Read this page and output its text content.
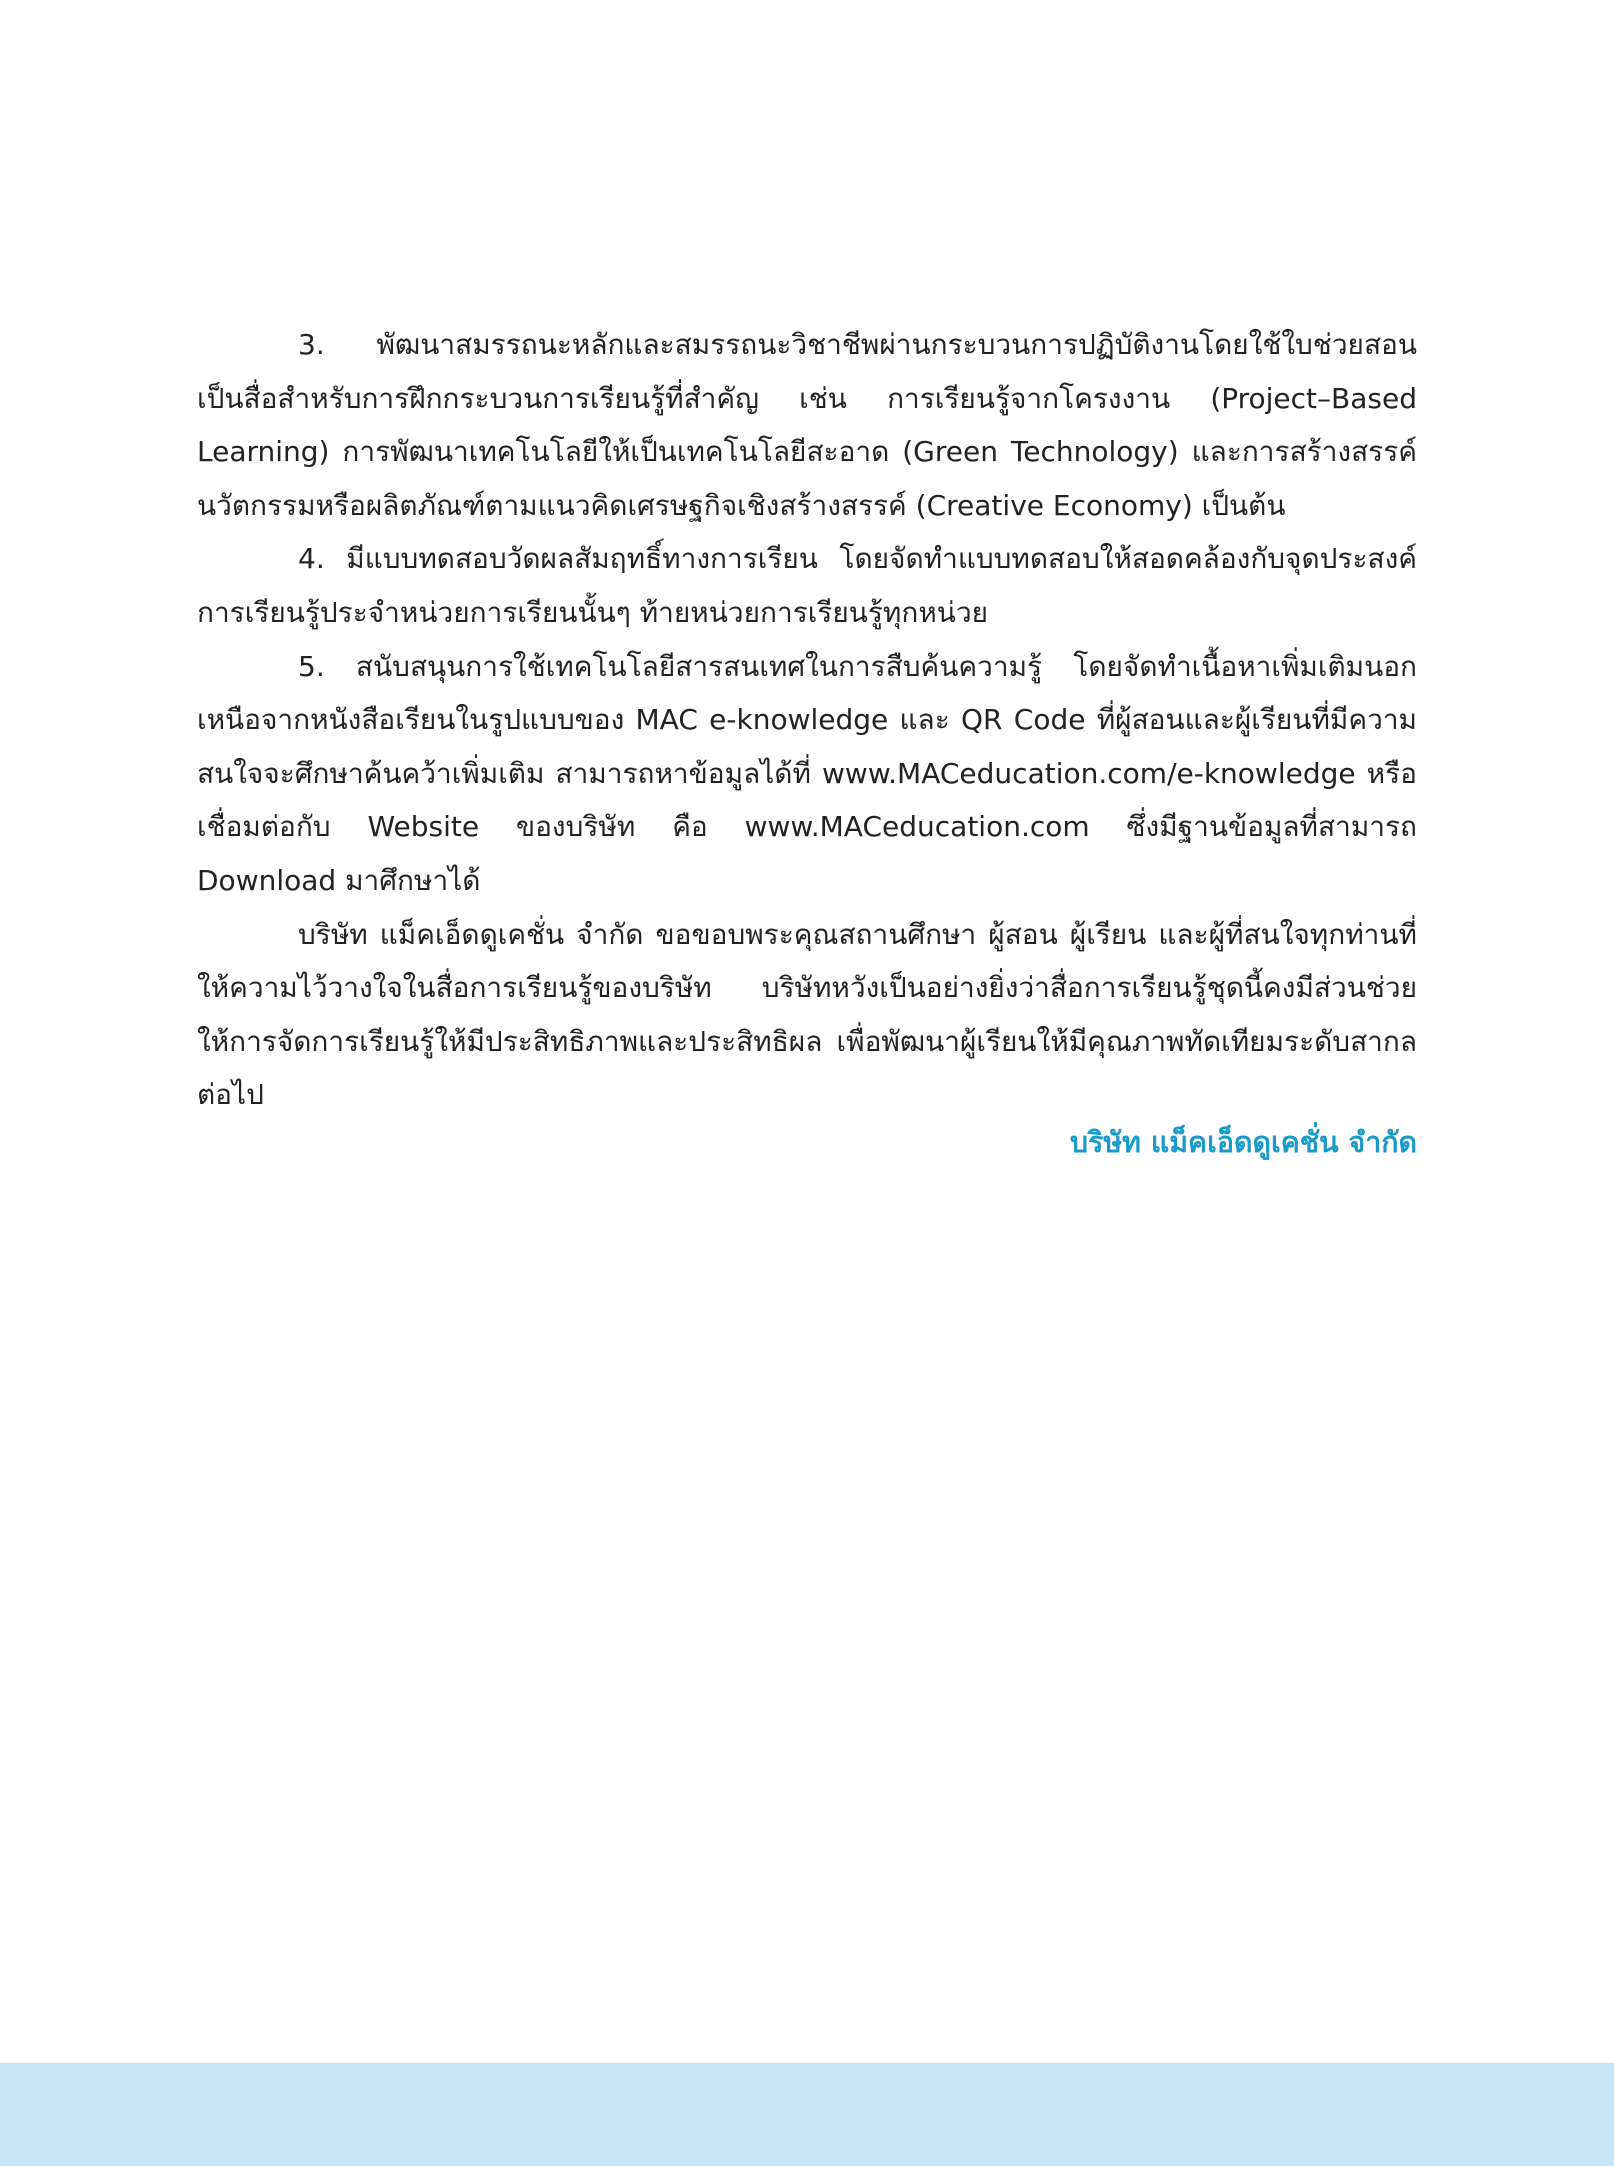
3. พัฒนาสมรรถนะหลักและสมรรถนะวิชาชีพผ่านกระบวนการปฏิบัติงานโดยใช้ใบช่วยสอนเป็นสื่อสำหรับการฝึกกระบวนการเรียนรู้ที่สำคัญ เช่น การเรียนรู้จากโครงงาน (Project–Based Learning) การพัฒนาเทคโนโลยีให้เป็นเทคโนโลยีสะอาด (Green Technology) และการสร้างสรรค์นวัตกรรมหรือผลิตภัณฑ์ตามแนวคิดเศรษฐกิจเชิงสร้างสรรค์ (Creative Economy) เป็นต้น

4. มีแบบทดสอบวัดผลสัมฤทธิ์ทางการเรียน โดยจัดทำแบบทดสอบให้สอดคล้องกับจุดประสงค์การเรียนรู้ประจำหน่วยการเรียนนั้นๆ ท้ายหน่วยการเรียนรู้ทุกหน่วย

5. สนับสนุนการใช้เทคโนโลยีสารสนเทศในการสืบค้นความรู้ โดยจัดทำเนื้อหาเพิ่มเติมนอกเหนือจากหนังสือเรียนในรูปแบบของ MAC e-knowledge และ QR Code ที่ผู้สอนและผู้เรียนที่มีความสนใจจะศึกษาค้นคว้าเพิ่มเติม สามารถหาข้อมูลได้ที่ www.MACeducation.com/e-knowledge หรือเชื่อมต่อกับ Website ของบริษัท คือ www.MACeducation.com ซึ่งมีฐานข้อมูลที่สามารถ Download มาศึกษาได้

บริษัท แม็คเอ็ดดูเคชั่น จำกัด ขอขอบพระคุณสถานศึกษา ผู้สอน ผู้เรียน และผู้ที่สนใจทุกท่านที่ให้ความไว้วางใจในสื่อการเรียนรู้ของบริษัท บริษัทหวังเป็นอย่างยิ่งว่าสื่อการเรียนรู้ชุดนี้คงมีส่วนช่วยให้การจัดการเรียนรู้ให้มีประสิทธิภาพและประสิทธิผล เพื่อพัฒนาผู้เรียนให้มีคุณภาพทัดเทียมระดับสากลต่อไป

บริษัท แม็คเอ็ดดูเคชั่น จำกัด
